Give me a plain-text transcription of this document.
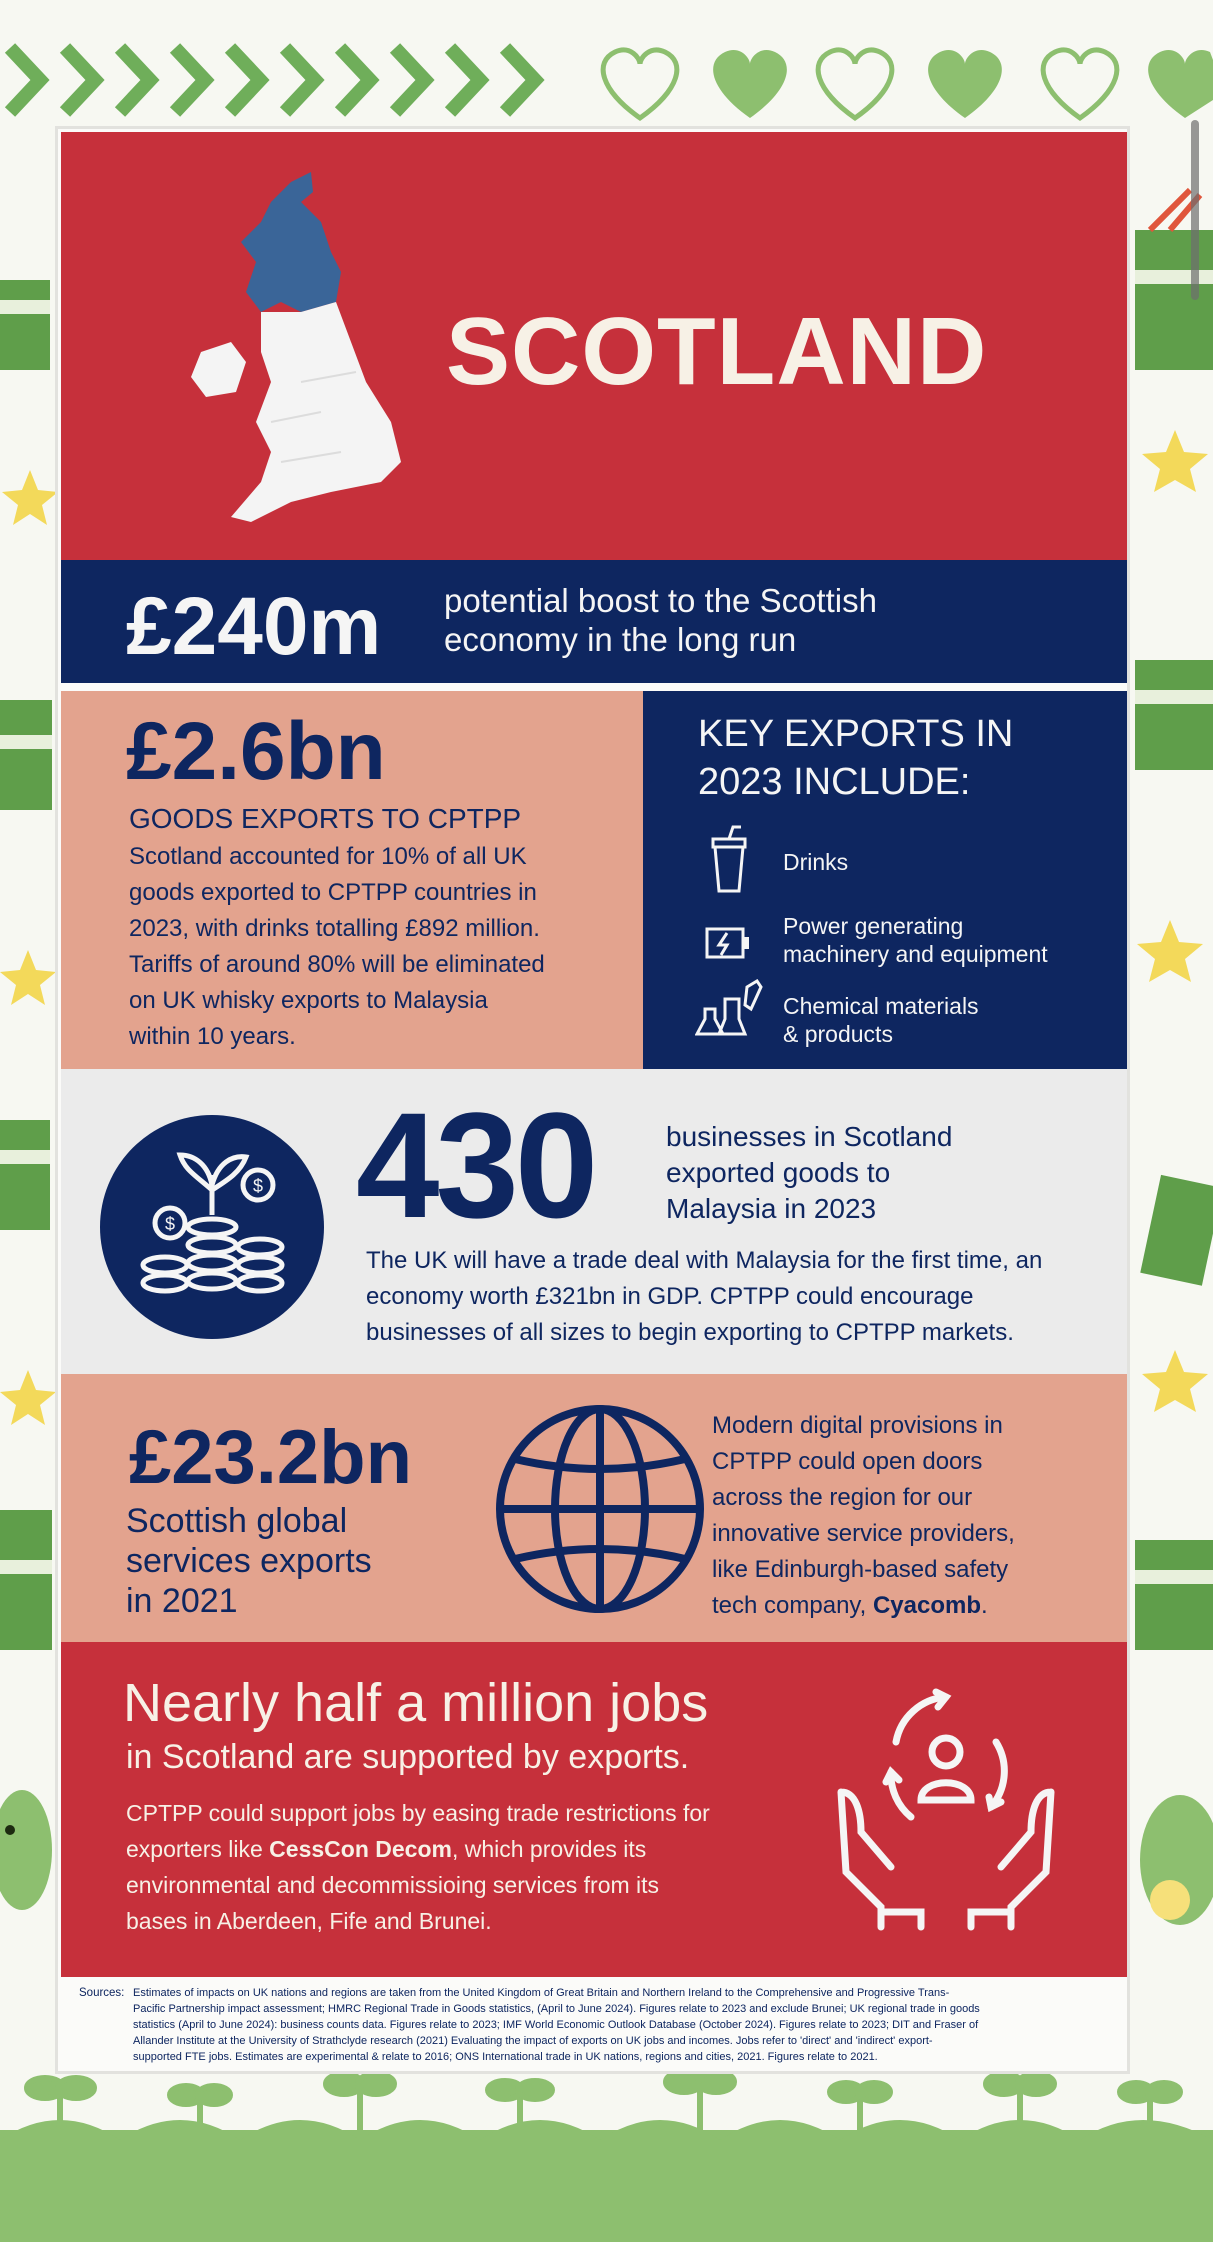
SCOTLAND
£240m potential boost to the Scottish
economy in the long run
£2.6bn
GOODS EXPORTS TO CPTPP
Scotland accounted for 10% of all UK
goods exported to CPTPP countries in
2023, with drinks totalling £892 million.
Tariffs of around 80% will be eliminated
on UK whisky exports to Malaysia
within 10 years.
KEY EXPORTS IN
2023 INCLUDE:
Drinks
Power generating
machinery and equipment
Chemical materials
& products
$
$ 430	businesses in Scotland
exported goods to
Malaysia in 2023
The UK will have a trade deal with Malaysia for the first time, an
economy worth £321bn in GDP. CPTPP could encourage
businesses of all sizes to begin exporting to CPTPP markets.
£23.2bn
Scottish global
services exports
in 2021
Modern digital provisions in
CPTPP could open doors
across the region for our
innovative service providers,
like Edinburgh-based safety
tech company, Cyacomb.
Nearly half a million jobs
in Scotland are supported by exports.
CPTPP could support jobs by easing trade restrictions for
exporters like CessCon Decom, which provides its
environmental and decommissioing services from its
bases in Aberdeen, Fife and Brunei.
Sources: Estimates of impacts on UK nations and regions are taken from the United Kingdom of Great Britain and Northern Ireland to the Comprehensive and Progressive Trans-
Pacific Partnership impact assessment; HMRC Regional Trade in Goods statistics, (April to June 2024). Figures relate to 2023 and exclude Brunei; UK regional trade in goods
statistics (April to June 2024): business counts data. Figures relate to 2023; IMF World Economic Outlook Database (October 2024). Figures relate to 2023; DIT and Fraser of
Allander Institute at the University of Strathclyde research (2021) Evaluating the impact of exports on UK jobs and incomes. Jobs refer to 'direct' and 'indirect' export-
supported FTE jobs. Estimates are experimental & relate to 2016; ONS International trade in UK nations, regions and cities, 2021. Figures relate to 2021.
